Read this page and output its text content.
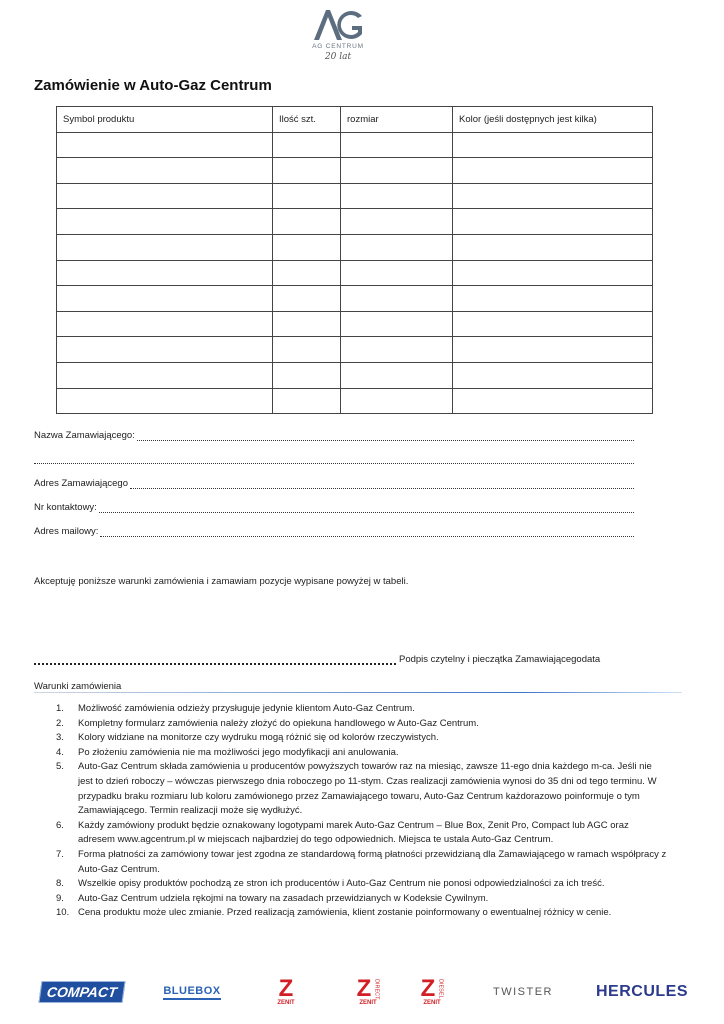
AG CENTRUM
20 lat
Zamówienie w Auto-Gaz Centrum
Symbol produktu	Ilość szt.	rozmiar	Kolor (jeśli dostępnych jest kilka)

Nazwa Zamawiającego:
Adres Zamawiającego
Nr kontaktowy:
Adres mailowy:
Akceptuję poniższe warunki zamówienia i zamawiam pozycje wypisane powyżej w tabeli.
Podpis czytelny i pieczątka Zamawiającegodata
Warunki zamówienia
1.	Możliwość zamówienia odzieży przysługuje jedynie klientom Auto-Gaz Centrum.
2.	Kompletny formularz zamówienia należy złożyć do opiekuna handlowego w Auto-Gaz Centrum.
3.	Kolory widziane na monitorze czy wydruku mogą różnić się od kolorów rzeczywistych.
4.	Po złożeniu zamówienia nie ma możliwości jego modyfikacji ani anulowania.
5.	Auto-Gaz Centrum składa zamówienia u producentów powyższych towarów raz na miesiąc, zawsze 11-ego dnia każdego m-ca. Jeśli nie jest to dzień roboczy – wówczas pierwszego dnia roboczego po 11-stym. Czas realizacji zamówienia wynosi do 35 dni od tego terminu. W przypadku braku rozmiaru lub koloru zamówionego przez Zamawiającego towaru, Auto-Gaz Centrum każdorazowo poinformuje o tym Zamawiającego. Termin realizacji może się wydłużyć.
6.	Każdy zamówiony produkt będzie oznakowany logotypami marek Auto-Gaz Centrum – Blue Box, Zenit Pro, Compact lub AGC oraz adresem www.agcentrum.pl w miejscach najbardziej do tego odpowiednich. Miejsca te ustala Auto-Gaz Centrum.
7.	Forma płatności za zamówiony towar jest zgodna ze standardową formą płatności przewidzianą dla Zamawiającego w ramach współpracy z Auto-Gaz Centrum.
8.	Wszelkie opisy produktów pochodzą ze stron ich producentów i Auto-Gaz Centrum nie ponosi odpowiedzialności za ich treść.
9.	Auto-Gaz Centrum udziela rękojmi na towary na zasadach przewidzianych w Kodeksie Cywilnym.
10. Cena produktu może ulec zmianie. Przed realizacją zamówienia, klient zostanie poinformowany o ewentualnej różnicy w cenie.
COMPACT	BLUEBOX Z
ZENIT
Z DIRECT
ZENIT
Z DIESEL
ZENIT
TWISTER	HERCULES
